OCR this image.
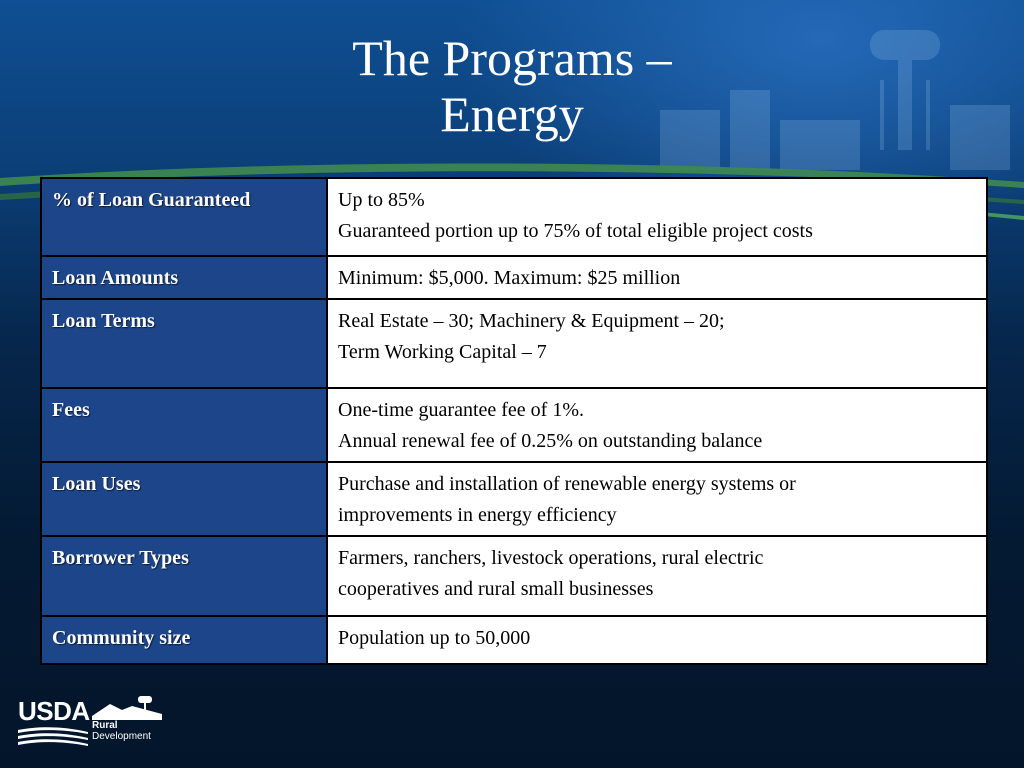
The Programs –
Energy
% of Loan Guaranteed	Up to 85%
Guaranteed portion up to 75% of total eligible project costs

Loan Amounts	Minimum: $5,000. Maximum: $25 million

Loan Terms	Real Estate – 30; Machinery & Equipment – 20;
Term Working Capital – 7

Fees	One-time guarantee fee of 1%.
Annual renewal fee of 0.25% on outstanding balance

Loan Uses	Purchase and installation of renewable energy systems or
improvements in energy efficiency

Borrower Types	Farmers, ranchers, livestock operations, rural electric
cooperatives and rural small businesses

Community size	Population up to 50,000
USDA Rural
Development
